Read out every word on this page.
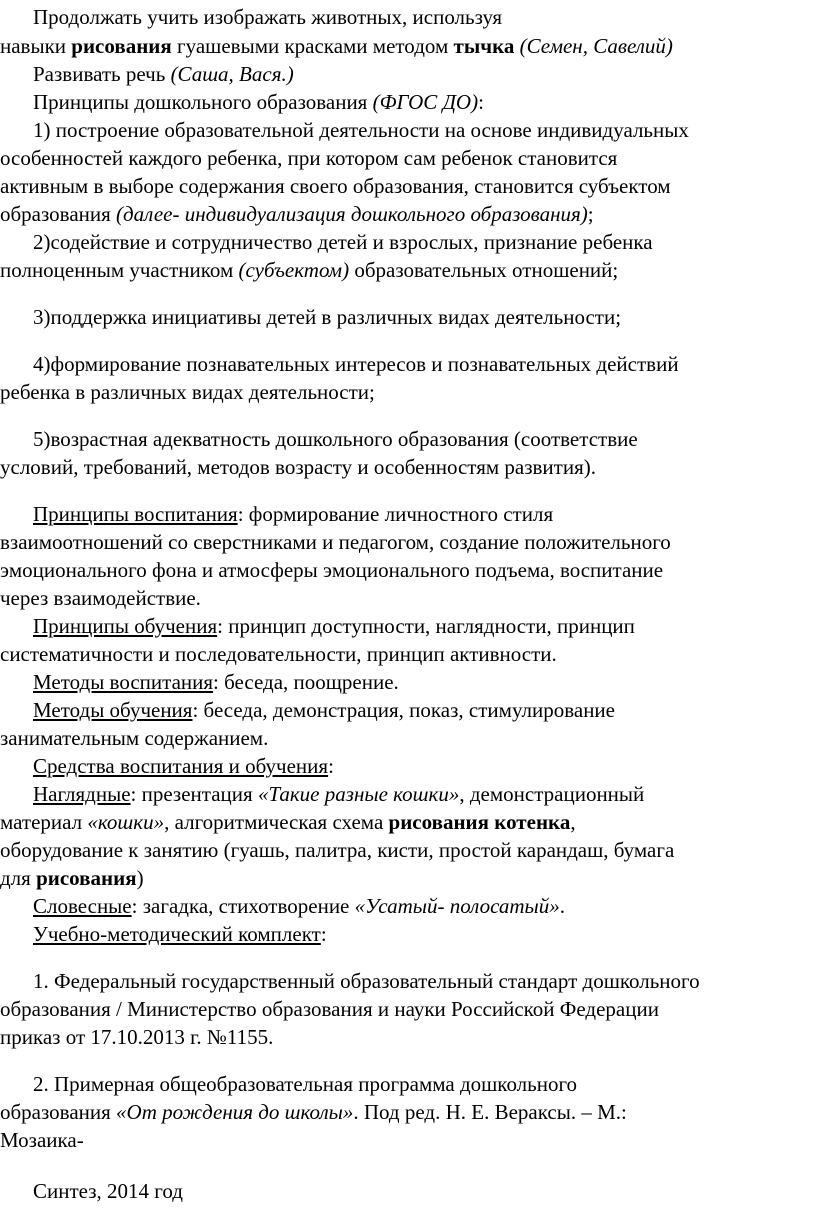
Продолжать учить изображать животных, используя
навыки рисования гуашевыми красками методом тычка (Семен, Савелий)
Развивать речь (Саша, Вася.)
Принципы дошкольного образования (ФГОС ДО):
1) построение образовательной деятельности на основе индивидуальных
особенностей каждого ребенка, при котором сам ребенок становится
активным в выборе содержания своего образования, становится субъектом
образования (далее- индивидуализация дошкольного образования);
2)содействие и сотрудничество детей и взрослых, признание ребенка
полноценным участником (субъектом) образовательных отношений;
3)поддержка инициативы детей в различных видах деятельности;
4)формирование познавательных интересов и познавательных действий
ребенка в различных видах деятельности;
5)возрастная адекватность дошкольного образования (соответствие
условий, требований, методов возрасту и особенностям развития).
Принципы воспитания: формирование личностного стиля
взаимоотношений со сверстниками и педагогом, создание положительного
эмоционального фона и атмосферы эмоционального подъема, воспитание
через взаимодействие.
Принципы обучения: принцип доступности, наглядности, принцип
систематичности и последовательности, принцип активности.
Методы воспитания: беседа, поощрение.
Методы обучения: беседа, демонстрация, показ, стимулирование
занимательным содержанием.
Средства воспитания и обучения:
Наглядные: презентация «Такие разные кошки», демонстрационный
материал «кошки», алгоритмическая схема рисования котенка,
оборудование к занятию (гуашь, палитра, кисти, простой карандаш, бумага
для рисования)
Словесные: загадка, стихотворение «Усатый- полосатый».
Учебно-методический комплект:
1. Федеральный государственный образовательный стандарт дошкольного
образования / Министерство образования и науки Российской Федерации
приказ от 17.10.2013 г. №1155.
2. Примерная общеобразовательная программа дошкольного
образования «От рождения до школы». Под ред. Н. Е. Вераксы. – М.:
Мозаика-
Синтез, 2014 год
